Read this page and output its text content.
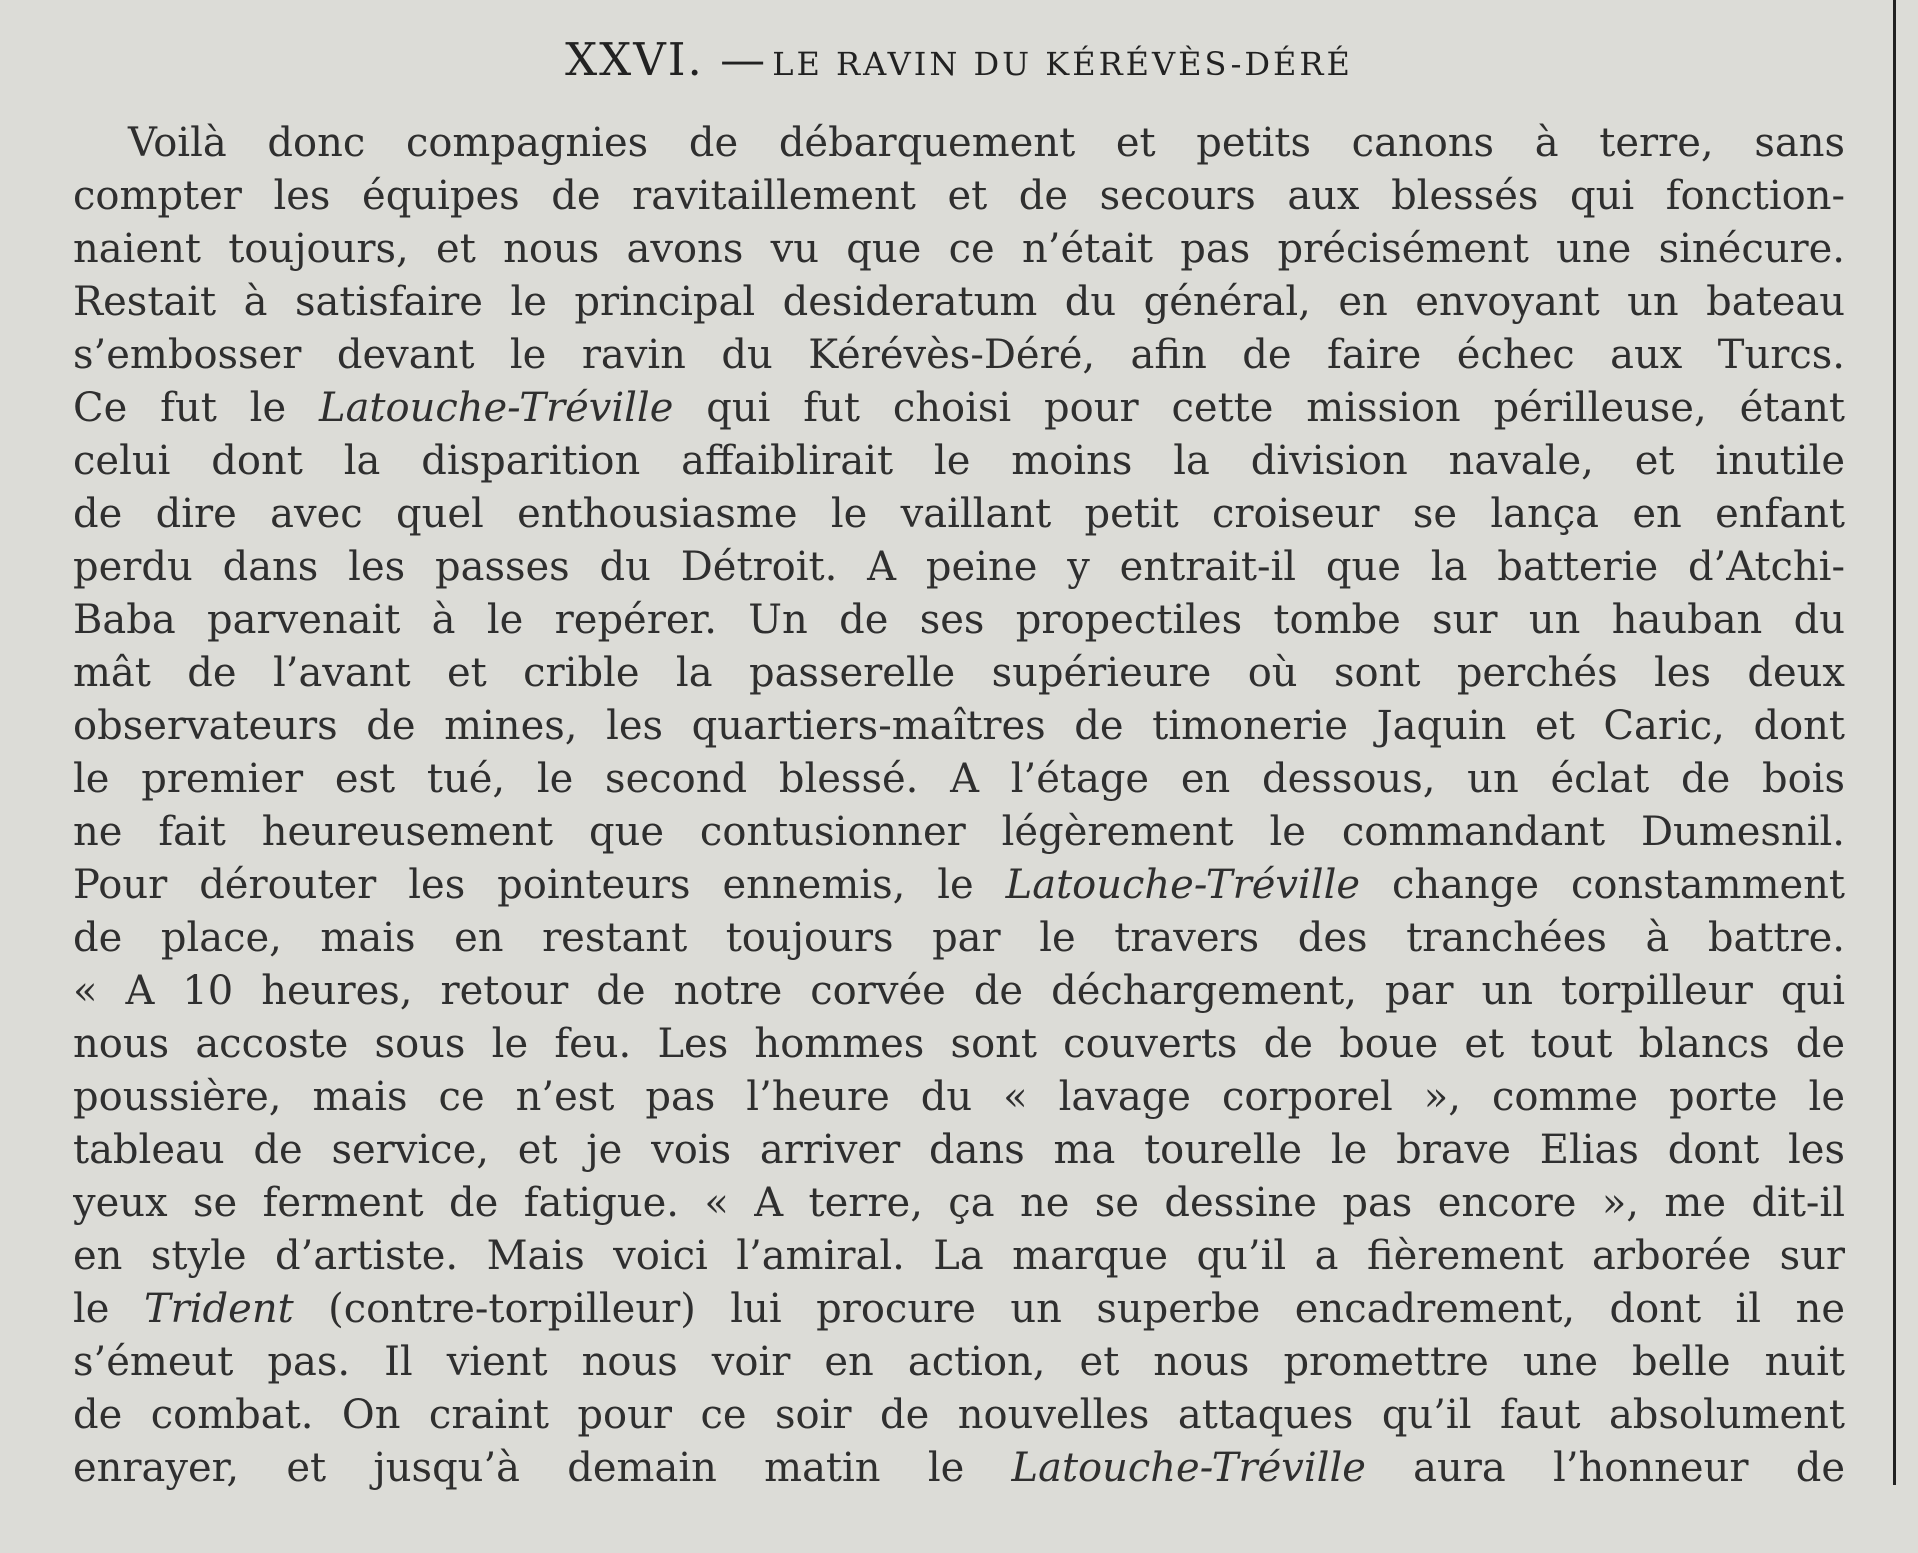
XXVI. — LE RAVIN DU KÉRÉVÈS-DÉRÉ
Voilà donc compagnies de débarquement et petits canons à terre, sans
compter les équipes de ravitaillement et de secours aux blessés qui fonction-
naient toujours, et nous avons vu que ce n’était pas précisément une sinécure.
Restait à satisfaire le principal desideratum du général, en envoyant un bateau
s’embosser devant le ravin du Kérévès-Déré, afin de faire échec aux Turcs.
Ce fut le Latouche-Tréville qui fut choisi pour cette mission périlleuse, étant
celui dont la disparition affaiblirait le moins la division navale, et inutile
de dire avec quel enthousiasme le vaillant petit croiseur se lança en enfant
perdu dans les passes du Détroit. A peine y entrait-il que la batterie d’Atchi-
Baba parvenait à le repérer. Un de ses propectiles tombe sur un hauban du
mât de l’avant et crible la passerelle supérieure où sont perchés les deux
observateurs de mines, les quartiers-maîtres de timonerie Jaquin et Caric, dont
le premier est tué, le second blessé. A l’étage en dessous, un éclat de bois
ne fait heureusement que contusionner légèrement le commandant Dumesnil.
Pour dérouter les pointeurs ennemis, le Latouche-Tréville change constamment
de place, mais en restant toujours par le travers des tranchées à battre.
« A 10 heures, retour de notre corvée de déchargement, par un torpilleur qui
nous accoste sous le feu. Les hommes sont couverts de boue et tout blancs de
poussière, mais ce n’est pas l’heure du « lavage corporel », comme porte le
tableau de service, et je vois arriver dans ma tourelle le brave Elias dont les
yeux se ferment de fatigue. « A terre, ça ne se dessine pas encore », me dit-il
en style d’artiste. Mais voici l’amiral. La marque qu’il a fièrement arborée sur
le Trident (contre-torpilleur) lui procure un superbe encadrement, dont il ne
s’émeut pas. Il vient nous voir en action, et nous promettre une belle nuit
de combat. On craint pour ce soir de nouvelles attaques qu’il faut absolument
enrayer, et jusqu’à demain matin le Latouche-Tréville aura l’honneur de
